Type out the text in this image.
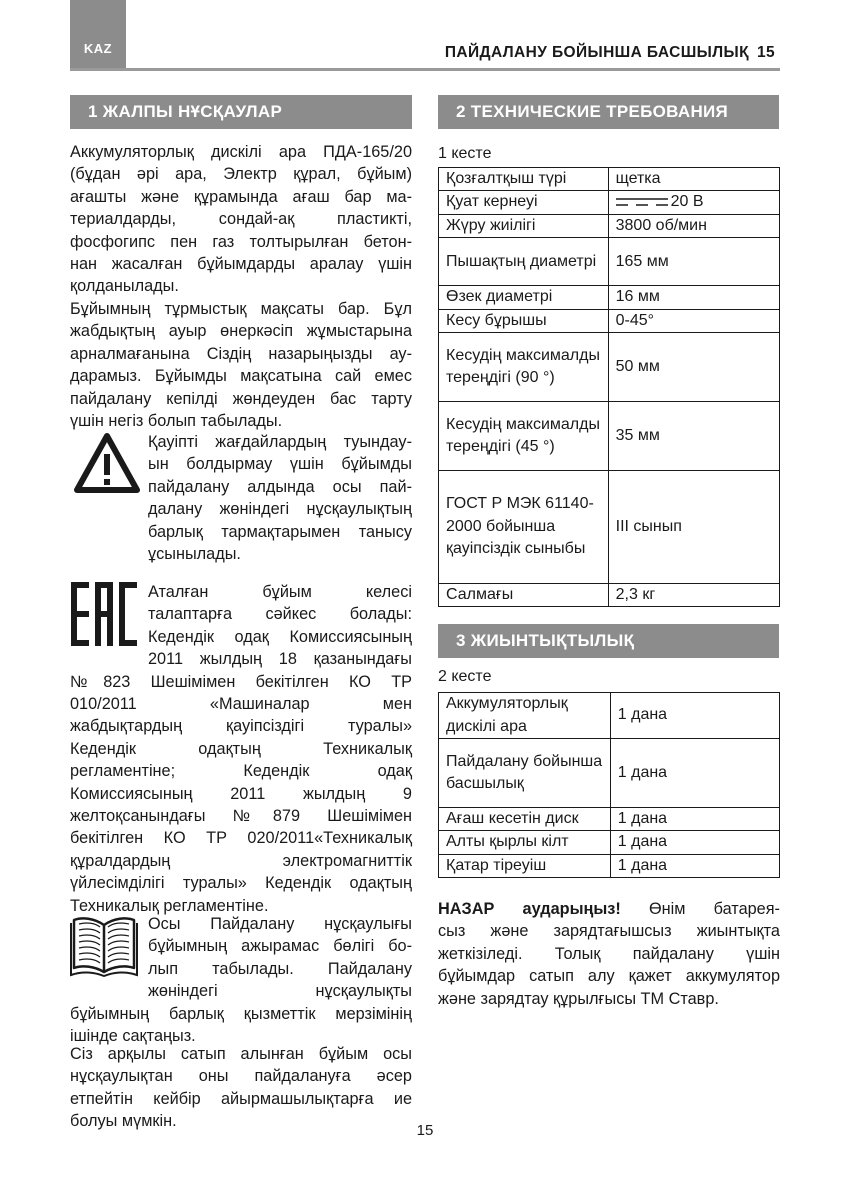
KAZ	ПАЙДАЛАНУ БОЙЫНША БАСШЫЛЫҚ 15
1 ЖАЛПЫ НҰСҚАУЛАР
Аккумуляторлық дискілі ара ПДА-165/20
(бұдан әрі ара, Электр құрал, бұйым)
ағашты және құрамында ағаш бар ма-
териалдарды, сондай-ақ пластикті,
фосфогипс пен газ толтырылған бетон-
нан жасалған бұйымдарды аралау үшін
қолданылады.
Бұйымның тұрмыстық мақсаты бар. Бұл
жабдықтың ауыр өнеркәсіп жұмыстарына
арналмағанына Сіздің назарыңызды ау-
дарамыз. Бұйымды мақсатына сай емес
пайдалану кепілді жөндеуден бас тарту
үшін негіз болып табылады.
Қауіпті жағдайлардың туындау-
ын болдырмау үшін бұйымды
пайдалану алдында осы пай-
далану жөніндегі нұсқаулықтың
барлық тармақтарымен танысу
ұсынылады.
Аталған бұйым келесі
талаптарға сәйкес болады:
Кедендік одақ Комиссиясының
2011 жылдың 18 қазанындағы
№823 Шешімімен бекітілген КО ТР
010/2011 «Машиналар мен
жабдықтардың қауіпсіздігі туралы»
Кедендік одақтың Техникалық
регламентіне; Кедендік одақ
Комиссиясының 2011 жылдың 9
желтоқсанындағы №879 Шешімімен
бекітілген КО ТР 020/2011«Техникалық
құралдардың электромагниттік
үйлесімділігі туралы» Кедендік одақтың
Техникалық регламентіне.
Осы Пайдалану нұсқаулығы
бұйымның ажырамас бөлігі бо-
лып табылады. Пайдалану
жөніндегі нұсқаулықты
бұйымның барлық қызметтік мерзімінің
ішінде сақтаңыз.
Сіз арқылы сатып алынған бұйым осы
нұсқаулықтан оны пайдалануға әсер
етпейтін кейбір айырмашылықтарға ие
болуы мүмкін.
2 ТЕХНИЧЕСКИЕ ТРЕБОВАНИЯ
1 кесте
Қозғалтқыш түрі	щетка
Қуат кернеуі	20 В
Жүру жиілігі	3800 об/мин
Пышақтың диаметрі	165 мм
Өзек диаметрі	16 мм
Кесу бұрышы	0-45°
Кесудің максималды тереңдігі (90 °)	50 мм
Кесудің максималды тереңдігі (45 °)	35 мм
ГОСТ Р МЭК 61140-2000 бойынша қауіпсіздік сыныбы	III сынып
Салмағы	2,3 кг
3 ЖИЫНТЫҚТЫЛЫҚ
2 кесте
Аккумуляторлық дискілі ара	1 дана
Пайдалану бойынша басшылық	1 дана
Ағаш кесетін диск	1 дана
Алты қырлы кілт	1 дана
Қатар тіреуіш	1 дана
НАЗАР аударыңыз! Өнім батарея-
сыз және зарядтағышсыз жиынтықта
жеткізіледі. Толық пайдалану үшін
бұйымдар сатып алу қажет аккумулятор
және зарядтау құрылғысы ТМ Ставр.
15
